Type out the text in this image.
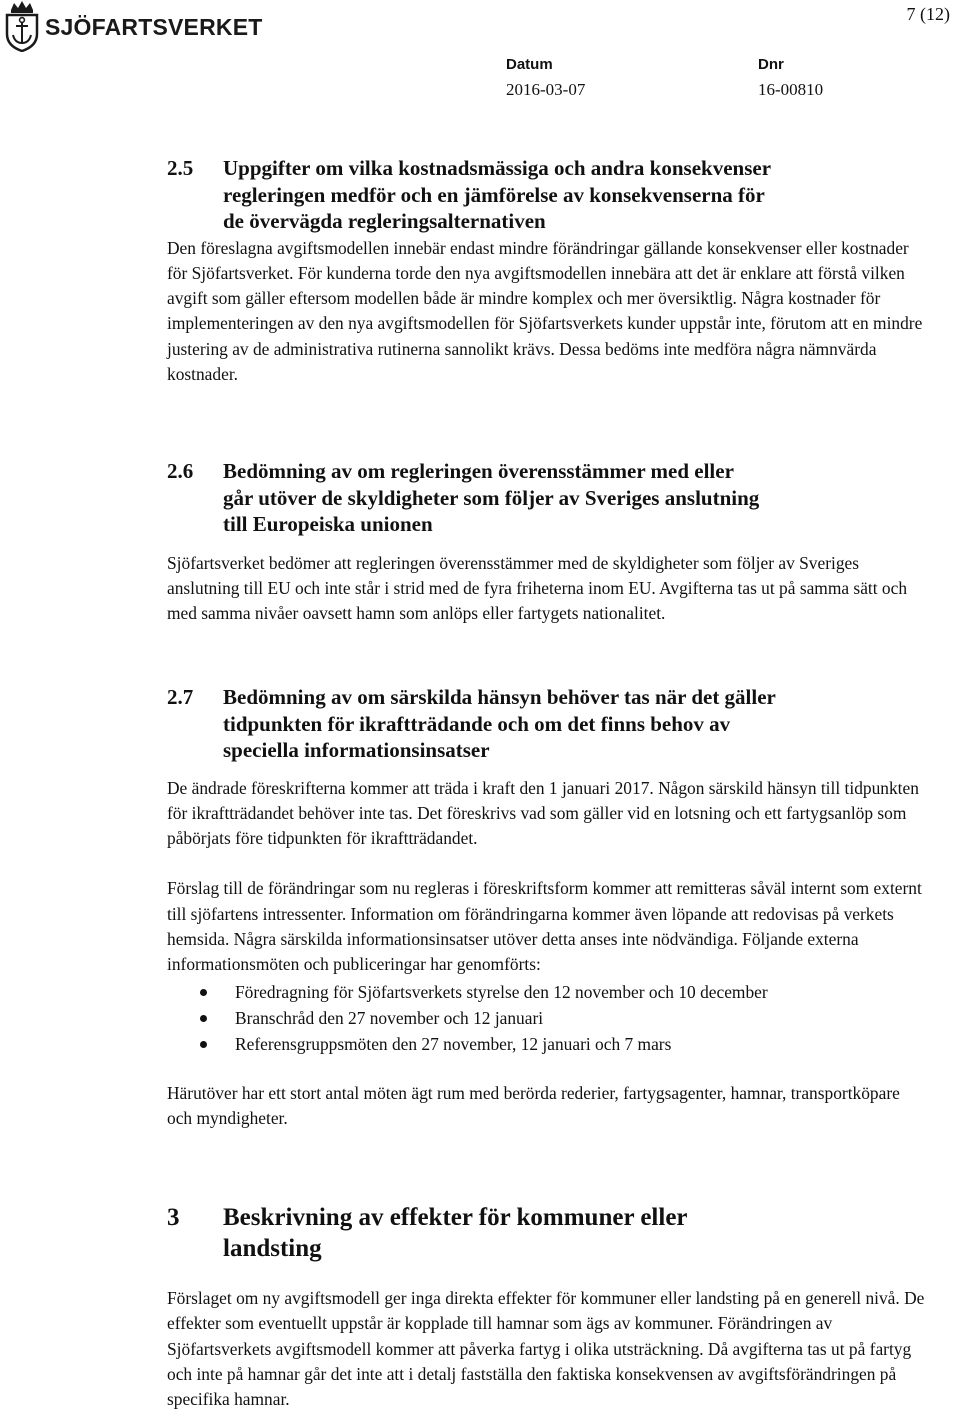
SJÖFARTSVERKET	7 (12)
Datum
2016-03-07
Dnr
16-00810
2.5	Uppgifter om vilka kostnadsmässiga och andra konsekvenser regleringen medför och en jämförelse av konsekvenserna för de övervägda regleringsalternativen

Den föreslagna avgiftsmodellen innebär endast mindre förändringar gällande konsekvenser eller kostnader för Sjöfartsverket. För kunderna torde den nya avgiftsmodellen innebära att det är enklare att förstå vilken avgift som gäller eftersom modellen både är mindre komplex och mer översiktlig. Några kostnader för implementeringen av den nya avgiftsmodellen för Sjöfartsverkets kunder uppstår inte, förutom att en mindre justering av de administrativa rutinerna sannolikt krävs. Dessa bedöms inte medföra några nämnvärda kostnader.

2.6	Bedömning av om regleringen överensstämmer med eller går utöver de skyldigheter som följer av Sveriges anslutning till Europeiska unionen

Sjöfartsverket bedömer att regleringen överensstämmer med de skyldigheter som följer av Sveriges anslutning till EU och inte står i strid med de fyra friheterna inom EU. Avgifterna tas ut på samma sätt och med samma nivåer oavsett hamn som anlöps eller fartygets nationalitet.

2.7	Bedömning av om särskilda hänsyn behöver tas när det gäller tidpunkten för ikraftträdande och om det finns behov av speciella informationsinsatser

De ändrade föreskrifterna kommer att träda i kraft den 1 januari 2017. Någon särskild hänsyn till tidpunkten för ikraftträdandet behöver inte tas. Det föreskrivs vad som gäller vid en lotsning och ett fartygsanlöp som påbörjats före tidpunkten för ikraftträdandet.

Förslag till de förändringar som nu regleras i föreskriftsform kommer att remitteras såväl internt som externt till sjöfartens intressenter. Information om förändringarna kommer även löpande att redovisas på verkets hemsida. Några särskilda informationsinsatser utöver detta anses inte nödvändiga. Följande externa informationsmöten och publiceringar har genomförts:

Föredragning för Sjöfartsverkets styrelse den 12 november och 10 december
Branschråd den 27 november och 12 januari
Referensgruppsmöten den 27 november, 12 januari och 7 mars

Härutöver har ett stort antal möten ägt rum med berörda rederier, fartygsagenter, hamnar, transportköpare och myndigheter.

3	Beskrivning av effekter för kommuner eller landsting

Förslaget om ny avgiftsmodell ger inga direkta effekter för kommuner eller landsting på en generell nivå. De effekter som eventuellt uppstår är kopplade till hamnar som ägs av kommuner. Förändringen av Sjöfartsverkets avgiftsmodell kommer att påverka fartyg i olika utsträckning. Då avgifterna tas ut på fartyg och inte på hamnar går det inte att i detalj fastställa den faktiska konsekvensen av avgiftsförändringen på specifika hamnar.
